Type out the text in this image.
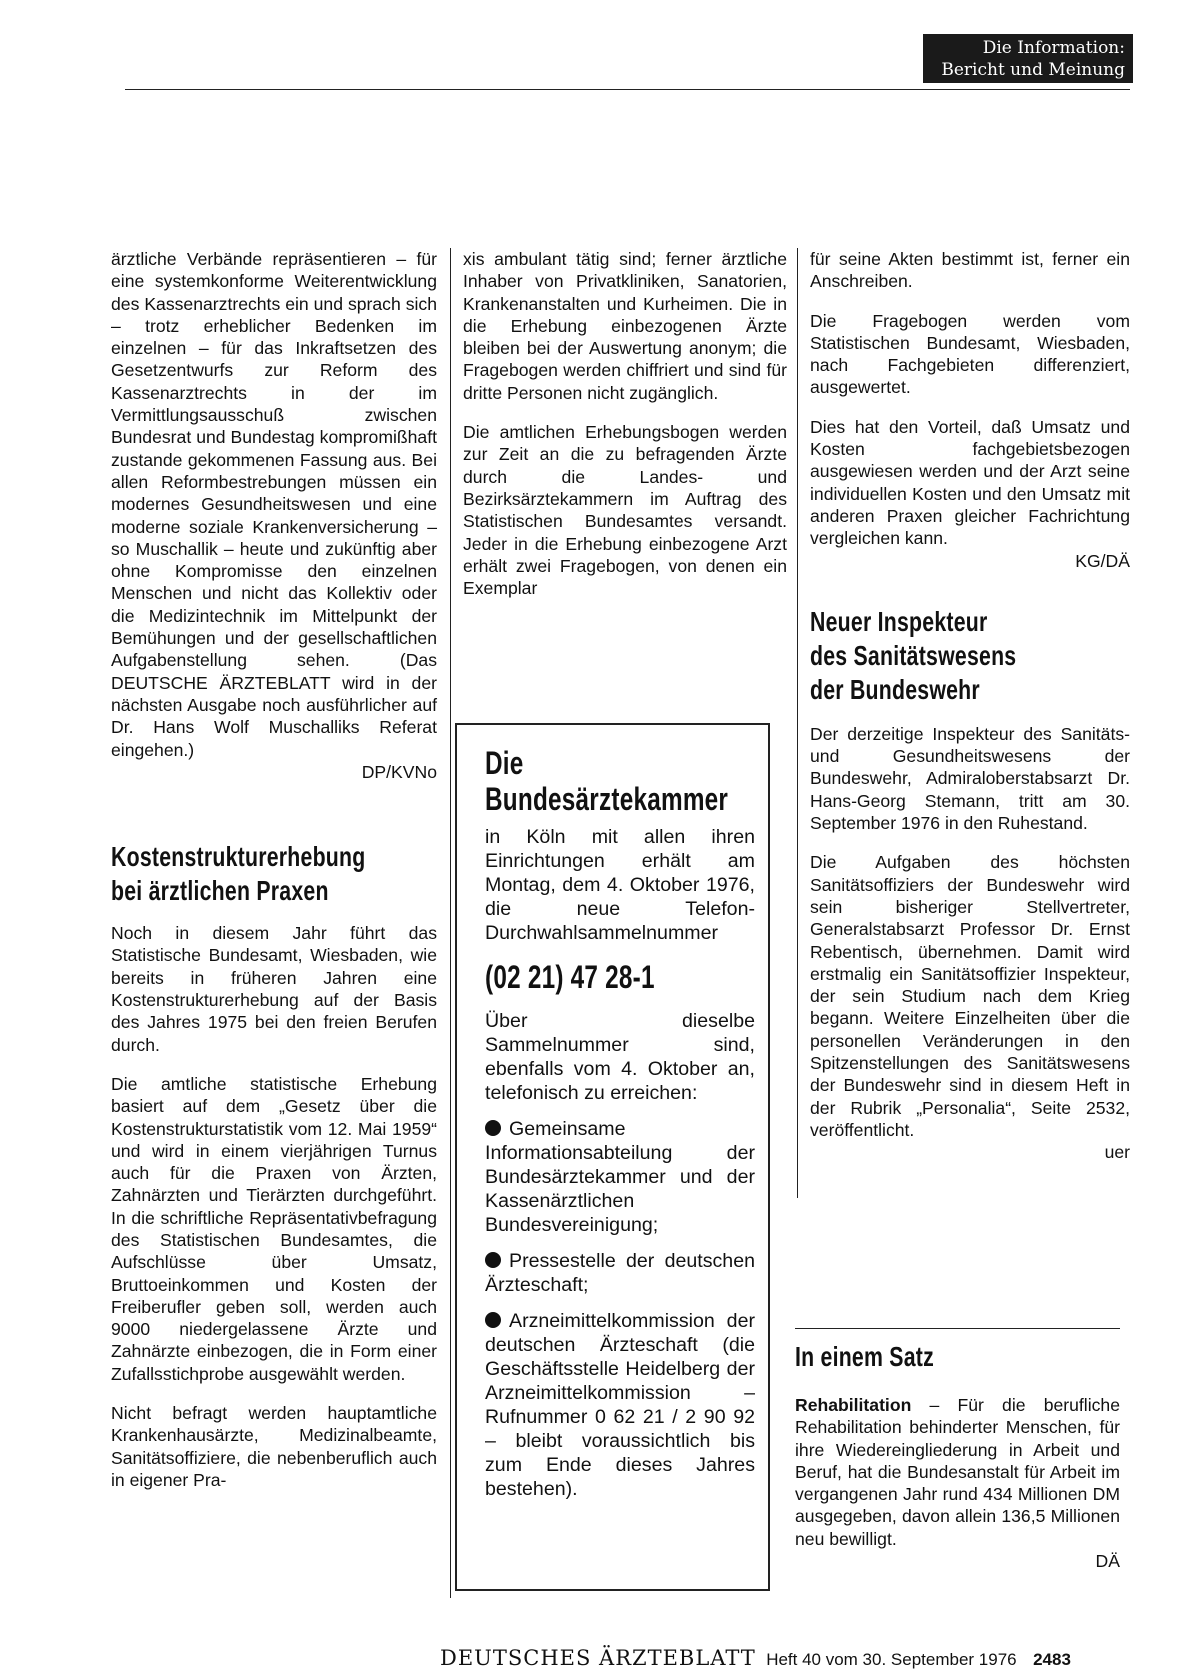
Die Information:
Bericht und Meinung

ärztliche Verbände repräsentieren – für eine systemkonforme Weiterentwicklung des Kassenarztrechts ein und sprach sich – trotz erheblicher Bedenken im einzelnen – für das Inkraftsetzen des Gesetzentwurfs zur Reform des Kassenarztrechts in der im Vermittlungsausschuß zwischen Bundesrat und Bundestag kompromißhaft zustande gekommenen Fassung aus. Bei allen Reformbestrebungen müssen ein modernes Gesundheitswesen und eine moderne soziale Krankenversicherung – so Muschallik – heute und zukünftig aber ohne Kompromisse den einzelnen Menschen und nicht das Kollektiv oder die Medizintechnik im Mittelpunkt der Bemühungen und der gesellschaftlichen Aufgabenstellung sehen. (Das DEUTSCHE ÄRZTEBLATT wird in der nächsten Ausgabe noch ausführlicher auf Dr. Hans Wolf Muschalliks Referat eingehen.)
DP/KVNo

Kostenstrukturerhebung
bei ärztlichen Praxen

Noch in diesem Jahr führt das Statistische Bundesamt, Wiesbaden, wie bereits in früheren Jahren eine Kostenstrukturerhebung auf der Basis des Jahres 1975 bei den freien Berufen durch.

Die amtliche statistische Erhebung basiert auf dem „Gesetz über die Kostenstrukturstatistik vom 12. Mai 1959“ und wird in einem vierjährigen Turnus auch für die Praxen von Ärzten, Zahnärzten und Tierärzten durchgeführt. In die schriftliche Repräsentativbefragung des Statistischen Bundesamtes, die Aufschlüsse über Umsatz, Bruttoeinkommen und Kosten der Freiberufler geben soll, werden auch 9000 niedergelassene Ärzte und Zahnärzte einbezogen, die in Form einer Zufallsstichprobe ausgewählt werden.

Nicht befragt werden hauptamtliche Krankenhausärzte, Medizinalbeamte, Sanitätsoffiziere, die nebenberuflich auch in eigener Pra-

xis ambulant tätig sind; ferner ärztliche Inhaber von Privatkliniken, Sanatorien, Krankenanstalten und Kurheimen. Die in die Erhebung einbezogenen Ärzte bleiben bei der Auswertung anonym; die Fragebogen werden chiffriert und sind für dritte Personen nicht zugänglich.

Die amtlichen Erhebungsbogen werden zur Zeit an die zu befragenden Ärzte durch die Landes- und Bezirksärztekammern im Auftrag des Statistischen Bundesamtes versandt. Jeder in die Erhebung einbezogene Arzt erhält zwei Fragebogen, von denen ein Exemplar

Die
Bundesärztekammer

in Köln mit allen ihren Einrichtungen erhält am Montag, dem 4. Oktober 1976, die neue Telefon-Durchwahlsammelnummer

(02 21) 47 28-1

Über dieselbe Sammelnummer sind, ebenfalls vom 4. Oktober an, telefonisch zu erreichen:

Gemeinsame Informationsabteilung der Bundesärztekammer und der Kassenärztlichen Bundesvereinigung;

Pressestelle der deutschen Ärzteschaft;

Arzneimittelkommission der deutschen Ärzteschaft (die Geschäftsstelle Heidelberg der Arzneimittelkommission – Rufnummer 0 62 21 / 2 90 92 – bleibt voraussichtlich bis zum Ende dieses Jahres bestehen).

für seine Akten bestimmt ist, ferner ein Anschreiben.

Die Fragebogen werden vom Statistischen Bundesamt, Wiesbaden, nach Fachgebieten differenziert, ausgewertet.

Dies hat den Vorteil, daß Umsatz und Kosten fachgebietsbezogen ausgewiesen werden und der Arzt seine individuellen Kosten und den Umsatz mit anderen Praxen gleicher Fachrichtung vergleichen kann.
KG/DÄ

Neuer Inspekteur
des Sanitätswesens
der Bundeswehr

Der derzeitige Inspekteur des Sanitäts- und Gesundheitswesens der Bundeswehr, Admiraloberstabsarzt Dr. Hans-Georg Stemann, tritt am 30. September 1976 in den Ruhestand.

Die Aufgaben des höchsten Sanitätsoffiziers der Bundeswehr wird sein bisheriger Stellvertreter, Generalstabsarzt Professor Dr. Ernst Rebentisch, übernehmen. Damit wird erstmalig ein Sanitätsoffizier Inspekteur, der sein Studium nach dem Krieg begann. Weitere Einzelheiten über die personellen Veränderungen in den Spitzenstellungen des Sanitätswesens der Bundeswehr sind in diesem Heft in der Rubrik „Personalia“, Seite 2532, veröffentlicht.
uer

In einem Satz

Rehabilitation – Für die berufliche Rehabilitation behinderter Menschen, für ihre Wiedereingliederung in Arbeit und Beruf, hat die Bundesanstalt für Arbeit im vergangenen Jahr rund 434 Millionen DM ausgegeben, davon allein 136,5 Millionen neu bewilligt.
DÄ

DEUTSCHES ÄRZTEBLATT Heft 40 vom 30. September 1976 2483
